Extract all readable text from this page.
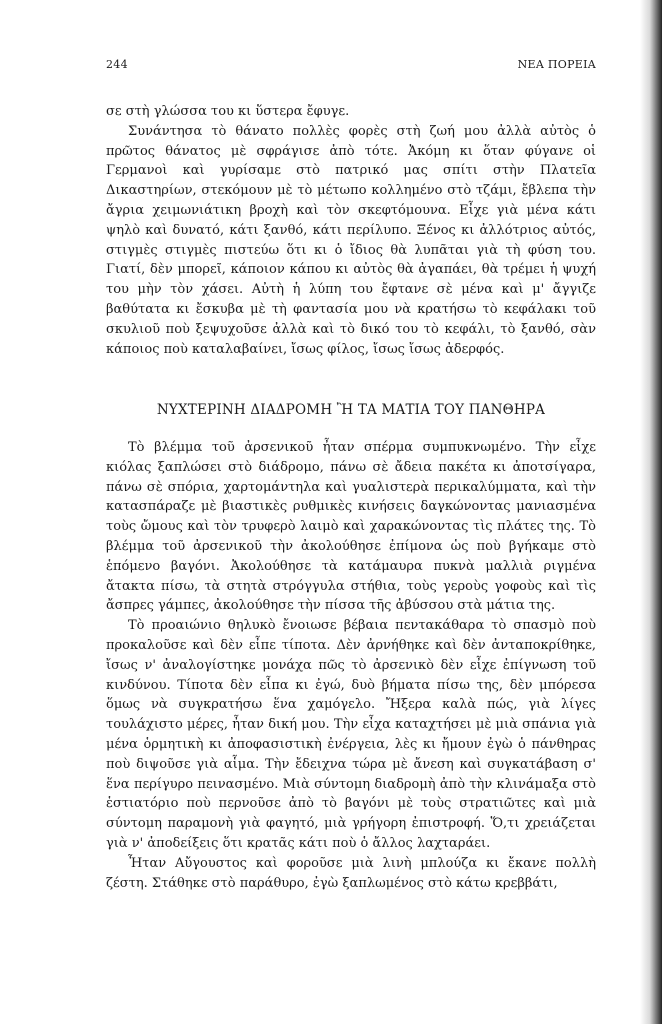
244	ΝΕΑ ΠΟΡΕΙΑ

σε στὴ γλώσσα του κι ὕστερα ἔφυγε.

Συνάντησα τὸ θάνατο πολλὲς φορὲς στὴ ζωή μου ἀλλὰ αὐτὸς ὁ πρῶτος θάνατος μὲ σφράγισε ἀπὸ τότε. Ἀκόμη κι ὅταν φύγανε οἱ Γερμανοὶ καὶ γυρίσαμε στὸ πατρικό μας σπίτι στὴν Πλατεῖα Δικαστηρίων, στεκόμουν μὲ τὸ μέτωπο κολλημένο στὸ τζάμι, ἔβλεπα τὴν ἄγρια χειμωνιάτικη βροχὴ καὶ τὸν σκεφτόμουνα. Εἶχε γιὰ μένα κάτι ψηλὸ καὶ δυνατό, κάτι ξανθό, κάτι περίλυπο. Ξένος κι ἀλλότριος αὐτός, στιγμὲς στιγμὲς πιστεύω ὅτι κι ὁ ἴδιος θὰ λυπᾶται γιὰ τὴ φύση του. Γιατί, δὲν μπορεῖ, κάποιον κάπου κι αὐτὸς θὰ ἀγαπάει, θὰ τρέμει ἡ ψυχή του μὴν τὸν χάσει. Αὐτὴ ἡ λύπη του ἔφτανε σὲ μένα καὶ μ' ἄγγιζε βαθύτατα κι ἔσκυβα μὲ τὴ φαντασία μου νὰ κρατήσω τὸ κεφάλακι τοῦ σκυλιοῦ ποὺ ξεψυχοῦσε ἀλλὰ καὶ τὸ δικό του τὸ κεφάλι, τὸ ξανθό, σὰν κάποιος ποὺ καταλαβαίνει, ἴσως φίλος, ἴσως ἴσως ἀδερφός.

ΝΥΧΤΕΡΙΝΗ ΔΙΑΔΡΟΜΗ Ἢ ΤΑ ΜΑΤΙΑ ΤΟΥ ΠΑΝΘΗΡΑ

Τὸ βλέμμα τοῦ ἀρσενικοῦ ἦταν σπέρμα συμπυκνωμένο. Τὴν εἶχε κιόλας ξαπλώσει στὸ διάδρομο, πάνω σὲ ἄδεια πακέτα κι ἀποτσίγαρα, πάνω σὲ σπόρια, χαρτομάντηλα καὶ γυαλιστερὰ περικαλύμματα, καὶ τὴν κατασπάραζε μὲ βιαστικὲς ρυθμικὲς κινήσεις δαγκώνοντας μανιασμένα τοὺς ὤμους καὶ τὸν τρυφερὸ λαιμὸ καὶ χαρακώνοντας τὶς πλάτες της. Τὸ βλέμμα τοῦ ἀρσενικοῦ τὴν ἀκολούθησε ἐπίμονα ὡς ποὺ βγήκαμε στὸ ἑπόμενο βαγόνι. Ἀκολούθησε τὰ κατάμαυρα πυκνὰ μαλλιὰ ριγμένα ἄτακτα πίσω, τὰ στητὰ στρόγγυλα στήθια, τοὺς γεροὺς γοφοὺς καὶ τὶς ἄσπρες γάμπες, ἀκολούθησε τὴν πίσσα τῆς ἀβύσσου στὰ μάτια της.

Τὸ προαιώνιο θηλυκὸ ἔνοιωσε βέβαια πεντακάθαρα τὸ σπασμὸ ποὺ προκαλοῦσε καὶ δὲν εἶπε τίποτα. Δὲν ἀρνήθηκε καὶ δὲν ἀνταποκρίθηκε, ἴσως ν' ἀναλογίστηκε μονάχα πῶς τὸ ἀρσενικὸ δὲν εἶχε ἐπίγνωση τοῦ κινδύνου. Τίποτα δὲν εἶπα κι ἐγώ, δυὸ βήματα πίσω της, δὲν μπόρεσα ὅμως νὰ συγκρατήσω ἕνα χαμόγελο. Ἤξερα καλὰ πώς, γιὰ λίγες τουλάχιστο μέρες, ἦταν δική μου. Τὴν εἶχα καταχτήσει μὲ μιὰ σπάνια γιὰ μένα ὁρμητικὴ κι ἀποφασιστικὴ ἐνέργεια, λὲς κι ἤμουν ἐγὼ ὁ πάνθηρας ποὺ διψοῦσε γιὰ αἷμα. Τὴν ἔδειχνα τώρα μὲ ἄνεση καὶ συγκατάβαση σ' ἕνα περίγυρο πεινασμένο. Μιὰ σύντομη διαδρομὴ ἀπὸ τὴν κλινάμαξα στὸ ἑστιατόριο ποὺ περνοῦσε ἀπὸ τὸ βαγόνι μὲ τοὺς στρατιῶτες καὶ μιὰ σύντομη παραμονὴ γιὰ φαγητό, μιὰ γρήγορη ἐπιστροφή. Ὅ,τι χρειάζεται γιὰ ν' ἀποδείξεις ὅτι κρατᾶς κάτι ποὺ ὁ ἄλλος λαχταράει.

Ἦταν Αὔγουστος καὶ φοροῦσε μιὰ λινὴ μπλούζα κι ἔκανε πολλὴ ζέστη. Στάθηκε στὸ παράθυρο, ἐγὼ ξαπλωμένος στὸ κάτω κρεββάτι,
